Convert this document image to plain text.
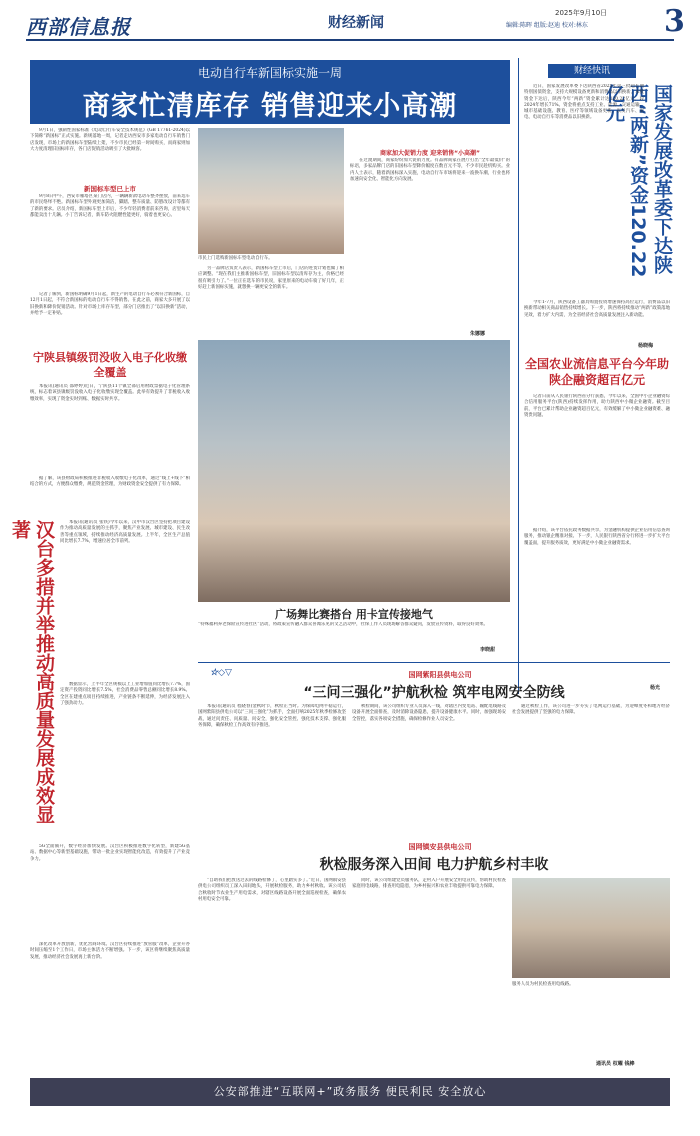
西部信息报	财经新闻
2025年9月10日
编辑:陈晖 组版:赵迪 校对:林东	3
电动自行车新国标实施一周
商家忙清库存 销售迎来小高潮

9月1日，强制性国家标准《电动自行车安全技术规范》(GB 17761-2024)以下简称“新国标”正式实施。新规落地一周，记者走访西安市多家电动自行车销售门店发现，市场上的新国标车型陆续上架，不少市民已经第一时间购买，而商家则加大力度清理旧国标库存，各门店促销活动吸引了大批顾客。

新国标车型已上市

9月8日中午，西安市雁塔区某门店内，一辆辆新款电动车整齐摆放，前来选车的市民络绎不绝。新国标车型外观更加简洁，脚踏、整车质量、防篡改设计等都有了新的要求。店员介绍，新国标车型上市后，不少年轻消费者前来咨询，店里每天都能卖出十几辆。小丁告诉记者，新车防火阻燃性能更好，骑着也更安心。

记者了解到，新国标明确9月1日起，新生产的电动自行车必须符合新国标，自12月1日起，不符合新国标的电动自行车不得销售。在此之前，商家大多开展了以旧换新和降价促销活动。针对市场上库存车型，部分门店推出了“以旧换新”活动，并给予一定补贴。

市民上门选购新国标车型电动自行车。

另一品牌店负责人表示，新国标车型上市后，门店的进货计划也做了相应调整。“现在我们主推新国标车型，旧国标车型以清库存为主，价格已经很有吸引力了。”一位正在选车的市民说，家里原来的电动车骑了好几年，正好赶上新国标实施，就想换一辆更安全的新车。

商家加大促销力度 迎来销售“小高潮”

在过渡期间，商家纷纷加大促销力度。有品牌商家在展厅打出“全年最低价”的标语，多家品牌门店的旧国标车型降价幅度在数百元不等，不少市民趁机购买。业内人士表示，随着新国标深入实施，电动自行车市场将迎来一波换车潮，行业也将加速向安全化、智能化方向发展。

朱娜娜
财经快讯
国家发展改革委下达陕西“两新”资金120.22亿元

近日，国家发展改革委下达陕西省2025年第三批超长期特别国债资金，支持大规模设备更新和消费品以旧换新。本批资金下达后，陕西今年“两新”资金累计达120.22亿元，较2024年增长71%。资金将重点支持工业、能源、交通运输、城市基础设施、教育、医疗等领域设备更新，以及汽车、家电、电动自行车等消费品以旧换新。

今年1-7月，陕西设备工器具购置投资增速保持高位运行，消费品以旧换新带动相关商品销售持续增长。下一步，陕西将持续推动“两新”政策落地见效，着力扩大内需，为全省经济社会高质量发展注入新动能。

杨晓梅
全国农业流信息平台今年助陕企融资超百亿元

记者日前从人民银行陕西省分行获悉，今年以来，全国中小企业融资综合信用服务平台(陕西)持续发挥作用，助力陕西中小微企业融资。截至目前，平台已累计帮助企业融资超百亿元，有效缓解了中小微企业融资难、融资贵问题。

据介绍，该平台依托政务数据共享，为金融机构提供企业信用信息查询服务，推动银企精准对接。下一步，人民银行陕西省分行将进一步扩大平台覆盖面，提升服务质效，更好满足中小微企业融资需求。

杨光
宁陕县镇级罚没收入电子化收缴全覆盖

本报讯(通讯员 邵婷婷)近日，宁陕县11个镇全部启用财政票据电子化管理系统，标志着该县镇级罚没收入电子化收缴实现全覆盖。此举有效提升了非税收入收缴效率，实现了资金实时到账、数据实时共享。

据了解，该县财政局积极推进非税收入收缴电子化改革，通过“线上+线下”相结合的方式，方便群众缴费，规范资金管理，为财政资金安全提供了有力保障。

广场舞比赛搭台 用卡宣传接地气
“特殊福利养老保险宣传进社区”活动，将政策宣传融入群众喜闻乐见的文艺活动中，社保工作人员现场解答群众疑问，发放宣传资料，取得良好效果。
李晓甜
汉台多措并举推动高质量发展成效显著	本报讯(通讯员 张铁)今年以来，汉中市汉台区坚持把项目建设作为推动高质量发展的主抓手，聚焦产业发展、城市建设、民生改善等重点领域，持续推动经济高质量发展。上半年，全区生产总值同比增长7.7%，增速位居全市前列。

数据显示，上半年全区规模以上工业增加值同比增长7.7%，固定资产投资同比增长7.5%，社会消费品零售总额同比增长8.9%。全区在建重点项目持续推进，产业链条不断延伸，为经济发展注入了强劲动力。

5G全面铺开，数字经济加快发展。汉台区积极推进数字化转型，新建5G基站、数据中心等新型基础设施，带动一批企业实现智能化改造，有效提升了产业竞争力。

深化改革开放创新，优化营商环境。汉台区持续推进“放管服”改革，企业开办时间压缩至1个工作日，市场主体活力不断增强。下一步，该区将继续聚焦高质量发展，推动经济社会发展再上新台阶。

☆◇▽	国网紫阳县供电公司
“三问三强化”护航秋检 筑牢电网安全防线

本报讯(通讯员 程晓春)金秋时节，秋检正当时。为保障电网平稳运行，国网紫阳县供电公司以“三问三强化”为抓手，全面打响2025年秋季检修攻坚战，通过问责任、问质量、问安全，强化安全管控、强化技术支撑、强化服务保障，确保秋检工作高效有序推进。

秋检期间，该公司组织专业人员深入一线，对辖区内变电站、输配电线路及设备开展全面排查，及时消除设备隐患，提升设备健康水平。同时，加强现场安全管控，落实各项安全措施，确保检修作业人员安全。

通过秋检工作，该公司进一步夯实了电网运行基础，为迎峰度冬和地方经济社会发展提供了坚强的电力保障。

国网镇安县供电公司
秋检服务深入田间 电力护航乡村丰收

“自助我们把放送过去的线路检修了，心里踏实多了。”近日，国网镇安县供电公司组织员工深入田间地头，开展秋检服务，助力乡村秋收。该公司结合秋收时节农业生产用电需求，对辖区线路设备开展全面巡视检查，确保农村用电安全可靠。

同时，该公司组建党员服务队，走村入户开展安全用电宣传，帮助村民检查家庭用电线路，排查用电隐患，为乡村振兴和农业丰收提供可靠电力保障。

服务人员为村民检查用电线路。
通讯员 权曜 钱棒
公安部推进“互联网+”政务服务 便民利民 安全放心
